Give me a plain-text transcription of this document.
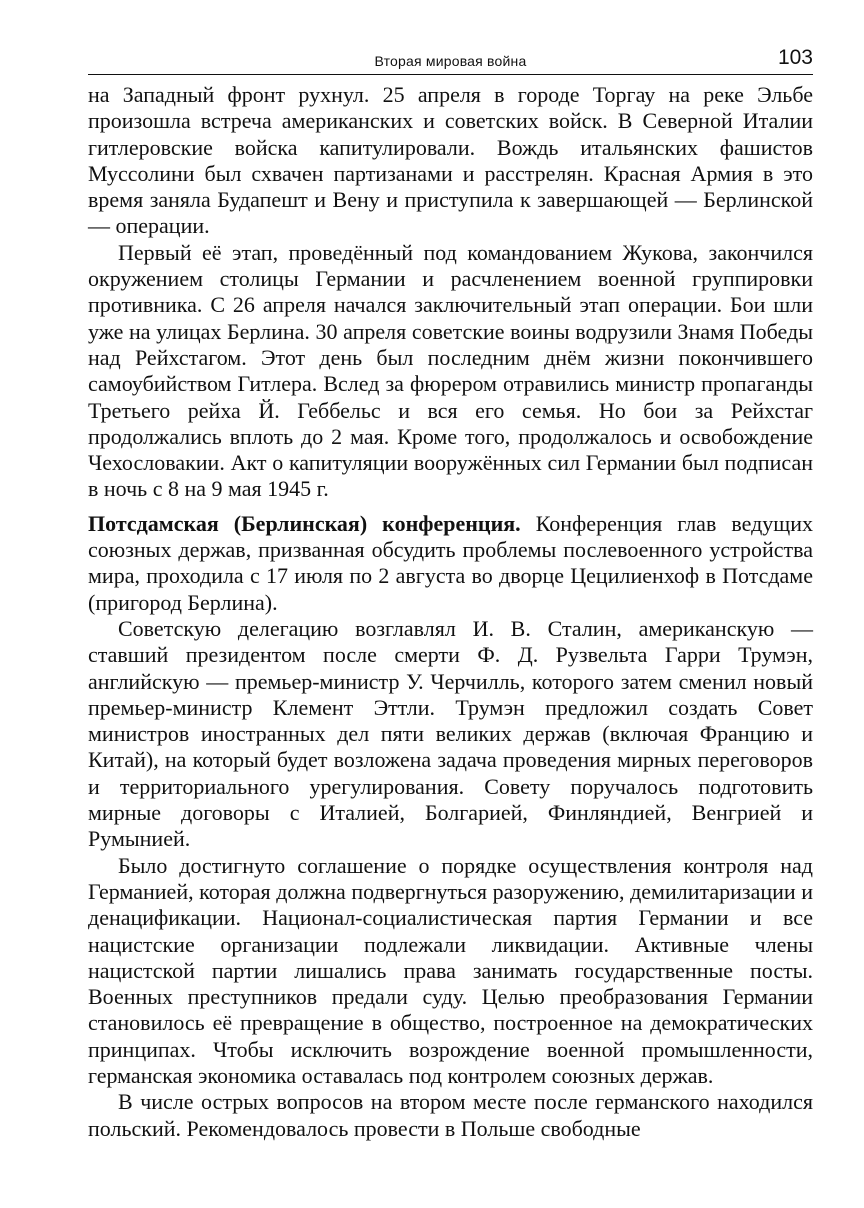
Вторая мировая война	103

на Западный фронт рухнул. 25 апреля в городе Торгау на реке Эльбе произошла встреча американских и советских войск. В Северной Италии гитлеровские войска капитулировали. Вождь итальянских фашистов Муссолини был схвачен партизанами и расстрелян. Красная Армия в это время заняла Будапешт и Вену и приступила к завершающей — Берлинской — операции.

Первый её этап, проведённый под командованием Жукова, закончился окружением столицы Германии и расчленением военной группировки противника. С 26 апреля начался заключительный этап операции. Бои шли уже на улицах Берлина. 30 апреля советские воины водрузили Знамя Победы над Рейхстагом. Этот день был последним днём жизни покончившего самоубийством Гитлера. Вслед за фюрером отравились министр пропаганды Третьего рейха Й. Геббельс и вся его семья. Но бои за Рейхстаг продолжались вплоть до 2 мая. Кроме того, продолжалось и освобождение Чехословакии. Акт о капитуляции вооружённых сил Германии был подписан в ночь с 8 на 9 мая 1945 г.

Потсдамская (Берлинская) конференция. Конференция глав ведущих союзных держав, призванная обсудить проблемы послевоенного устройства мира, проходила с 17 июля по 2 августа во дворце Цецилиенхоф в Потсдаме (пригород Берлина).

Советскую делегацию возглавлял И. В. Сталин, американскую — ставший президентом после смерти Ф. Д. Рузвельта Гарри Трумэн, английскую — премьер-министр У. Черчилль, которого затем сменил новый премьер-министр Клемент Эттли. Трумэн предложил создать Совет министров иностранных дел пяти великих держав (включая Францию и Китай), на который будет возложена задача проведения мирных переговоров и территориального урегулирования. Совету поручалось подготовить мирные договоры с Италией, Болгарией, Финляндией, Венгрией и Румынией.

Было достигнуто соглашение о порядке осуществления контроля над Германией, которая должна подвергнуться разоружению, демилитаризации и денацификации. Национал-социалистическая партия Германии и все нацистские организации подлежали ликвидации. Активные члены нацистской партии лишались права занимать государственные посты. Военных преступников предали суду. Целью преобразования Германии становилось её превращение в общество, построенное на демократических принципах. Чтобы исключить возрождение военной промышленности, германская экономика оставалась под контролем союзных держав.

В числе острых вопросов на втором месте после германского находился польский. Рекомендовалось провести в Польше свободные
